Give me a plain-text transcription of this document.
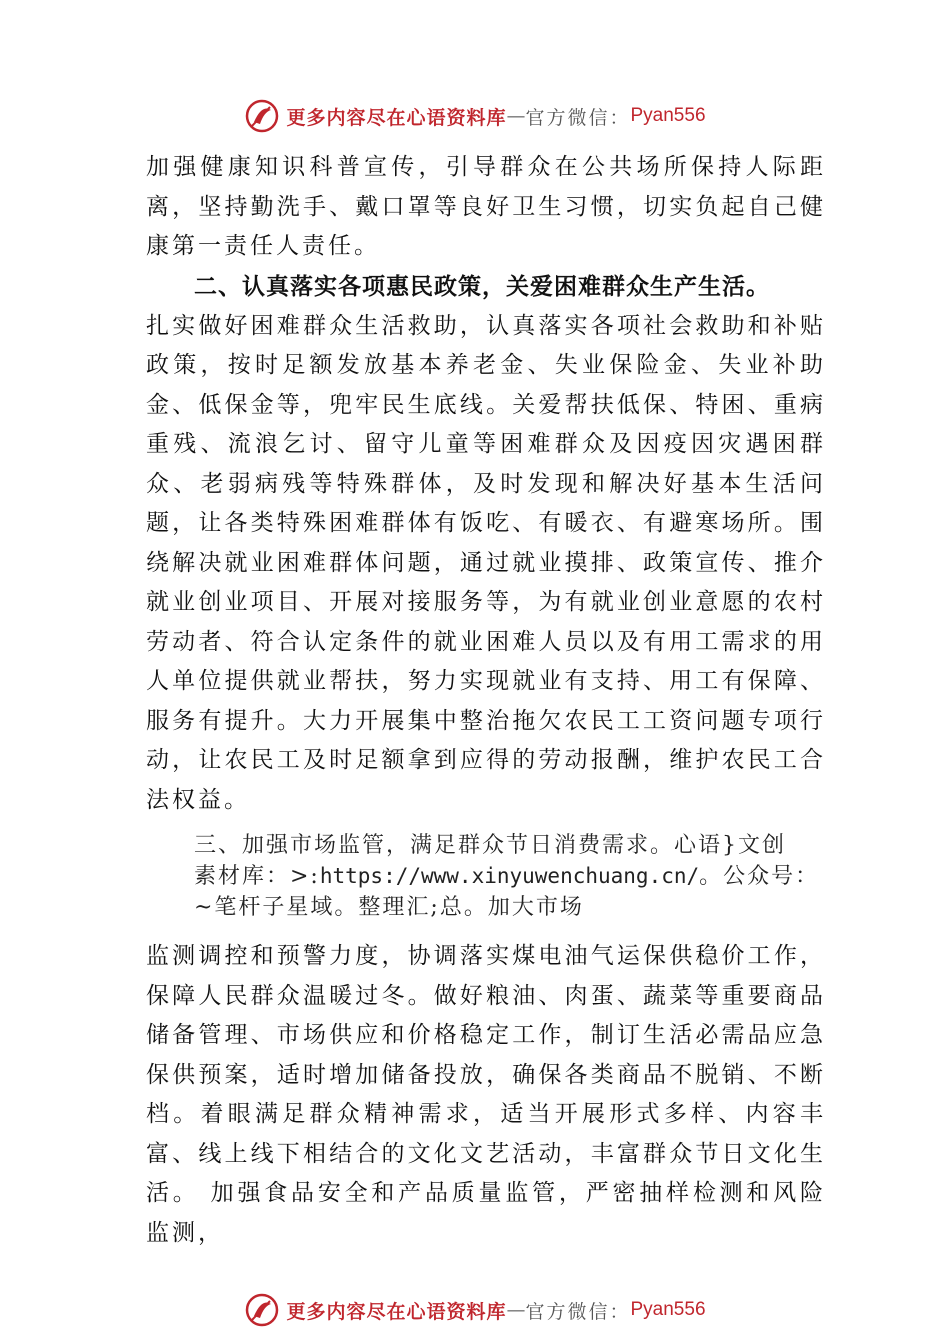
更多内容尽在心语资料库 — 官方微信： Pyan556

加强健康知识科普宣传，引导群众在公共场所保持人际距离，坚持勤洗手、戴口罩等良好卫生习惯，切实负起自己健康第一责任人责任。

二、认真落实各项惠民政策，关爱困难群众生产生活。

扎实做好困难群众生活救助，认真落实各项社会救助和补贴政策，按时足额发放基本养老金、失业保险金、失业补助金、低保金等，兜牢民生底线。关爱帮扶低保、特困、重病重残、流浪乞讨、留守儿童等困难群众及因疫因灾遇困群众、老弱病残等特殊群体，及时发现和解决好基本生活问题，让各类特殊困难群体有饭吃、有暖衣、有避寒场所。围绕解决就业困难群体问题，通过就业摸排、政策宣传、推介就业创业项目、开展对接服务等，为有就业创业意愿的农村劳动者、符合认定条件的就业困难人员以及有用工需求的用人单位提供就业帮扶，努力实现就业有支持、用工有保障、服务有提升。大力开展集中整治拖欠农民工工资问题专项行动，让农民工及时足额拿到应得的劳动报酬，维护农民工合法权益。

三、加强市场监管，满足群众节日消费需求。心语}文创
素材库：>:https://www.xinyuwenchuang.cn/。公众号：
~笔杆子星域。整理汇;总。加大市场

监测调控和预警力度，协调落实煤电油气运保供稳价工作， 保障人民群众温暖过冬。做好粮油、肉蛋、蔬菜等重要商品储备管理、市场供应和价格稳定工作，制订生活必需品应急保供预案，适时增加储备投放，确保各类商品不脱销、不断档。着眼满足群众精神需求，适当开展形式多样、内容丰富、线上线下相结合的文化文艺活动，丰富群众节日文化生活。 加强食品安全和产品质量监管，严密抽样检测和风险监测，

更多内容尽在心语资料库 — 官方微信： Pyan556
